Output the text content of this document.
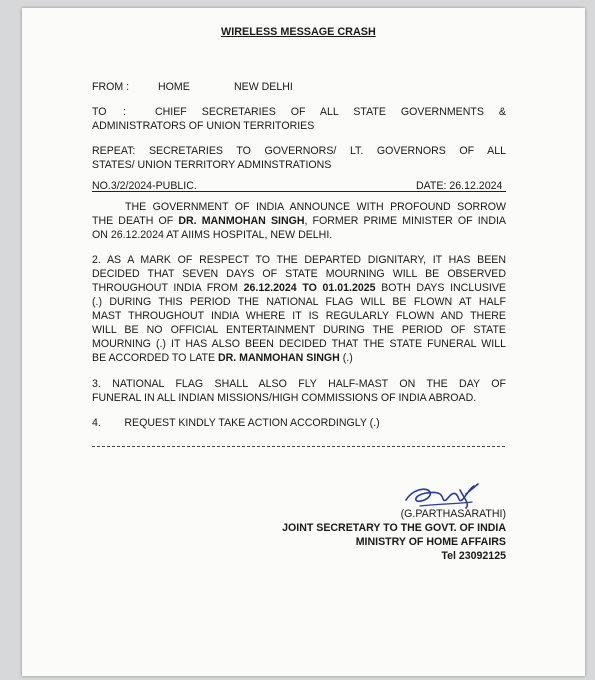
WIRELESS MESSAGE CRASH
FROM :	HOME	NEW DELHI
TO :	CHIEF SECRETARIES OF ALL STATE GOVERNMENTS &
ADMINISTRATORS OF UNION TERRITORIES
REPEAT: SECRETARIES TO GOVERNORS/ LT. GOVERNORS OF ALL
STATES/ UNION TERRITORY ADMINSTRATIONS
NO.3/2/2024-PUBLIC.	DATE: 26.12.2024
THE GOVERNMENT OF INDIA ANNOUNCE WITH PROFOUND SORROW
THE DEATH OF DR. MANMOHAN SINGH, FORMER PRIME MINISTER OF INDIA
ON 26.12.2024 AT AIIMS HOSPITAL, NEW DELHI.
2. AS A MARK OF RESPECT TO THE DEPARTED DIGNITARY, IT HAS BEEN
DECIDED THAT SEVEN DAYS OF STATE MOURNING WILL BE OBSERVED
THROUGHOUT INDIA FROM 26.12.2024 TO 01.01.2025 BOTH DAYS INCLUSIVE
(.) DURING THIS PERIOD THE NATIONAL FLAG WILL BE FLOWN AT HALF
MAST THROUGHOUT INDIA WHERE IT IS REGULARLY FLOWN AND THERE
WILL BE NO OFFICIAL ENTERTAINMENT DURING THE PERIOD OF STATE
MOURNING (.) IT HAS ALSO BEEN DECIDED THAT THE STATE FUNERAL WILL
BE ACCORDED TO LATE DR. MANMOHAN SINGH (.)
3. NATIONAL FLAG SHALL ALSO FLY HALF-MAST ON THE DAY OF
FUNERAL IN ALL INDIAN MISSIONS/HIGH COMMISSIONS OF INDIA ABROAD.
4.        REQUEST KINDLY TAKE ACTION ACCORDINGLY (.)
(G.PARTHASARATHI)
JOINT SECRETARY TO THE GOVT. OF INDIA
MINISTRY OF HOME AFFAIRS
Tel 23092125
